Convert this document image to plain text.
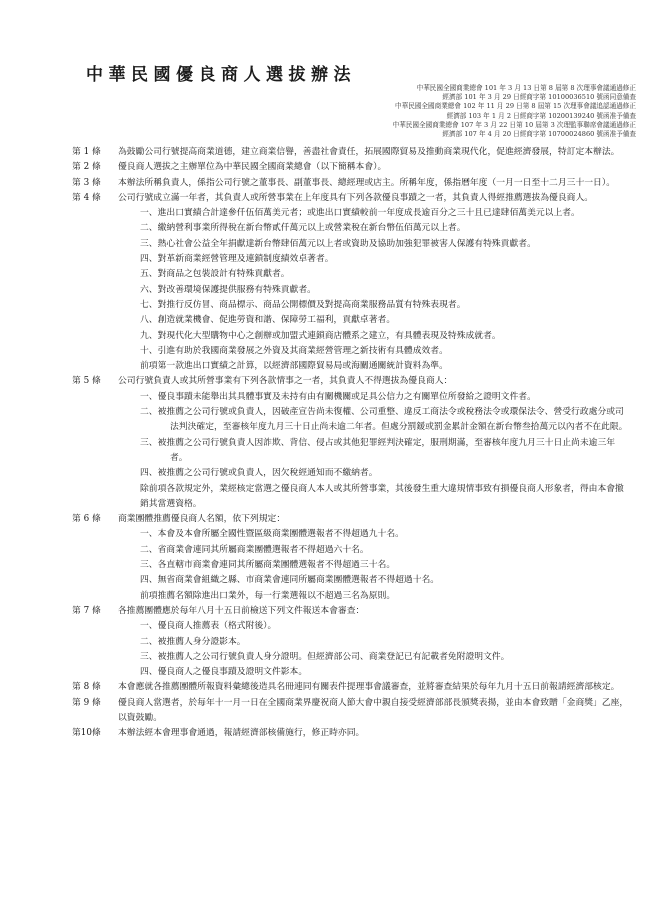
中華民國優良商人選拔辦法
中華民國全國商業總會 101 年 3 月 13 日第 8 屆第 8 次理事會議通過修正
經濟部 101 年 3 月 29 日經商字第 10100036510 號函同意備查
中華民國全國商業總會 102 年 11 月 29 日第 8 屆第 15 次理事會議追認通過修正
經濟部 103 年 1 月 2 日經商字第 10200139240 號函准予備查
中華民國全國商業總會 107 年 3 月 22 日第 10 屆第 3 次理監事聯席會議通過修正
經濟部 107 年 4 月 20 日經商字第 10700024860 號函准予備查
第 1 條	為鼓勵公司行號提高商業道德，建立商業信譽，善盡社會責任，拓展國際貿易及推動商業現代化，促進經濟發展，特訂定本辦法。
第 2 條	優良商人選拔之主辦單位為中華民國全國商業總會（以下簡稱本會）。
第 3 條	本辦法所稱負責人，係指公司行號之董事長、副董事長、總經理或店主。所稱年度，係指曆年度（一月一日至十二月三十一日）。
第 4 條	公司行號成立滿一年者，其負責人或所營事業在上年度具有下列各款優良事蹟之一者，其負責人得經推薦選拔為優良商人。
一、進出口實績合計達參仟伍佰萬美元者；或進出口實績較前一年度成長逾百分之三十且已達肆佰萬美元以上者。
二、繳納營利事業所得稅在新台幣貳仟萬元以上或營業稅在新台幣伍佰萬元以上者。
三、熱心社會公益全年捐獻達新台幣肆佰萬元以上者或資助及協助加強犯罪被害人保護有特殊貢獻者。
四、對革新商業經營管理及連鎖制度績效卓著者。
五、對商品之包裝設計有特殊貢獻者。
六、對改善環境保護提供服務有特殊貢獻者。
七、對推行反仿冒、商品標示、商品公開標價及對提高商業服務品質有特殊表現者。
八、創造就業機會、促進勞資和諧、保障勞工福利，貢獻卓著者。
九、對現代化大型購物中心之創辦或加盟式連鎖商店體系之建立，有具體表現及特殊成就者。
十、引進有助於我國商業發展之外資及其商業經營管理之新技術有具體成效者。
前項第一款進出口實績之計算，以經濟部國際貿易局或海關通關統計資料為準。
第 5 條	公司行號負責人或其所營事業有下列各款情事之一者，其負責人不得選拔為優良商人：
一、優良事蹟未能舉出其具體事實及未持有由有關機關或足具公信力之有關單位所發給之證明文件者。
二、被推薦之公司行號或負責人，因破產宣告尚未復權、公司重整、違反工商法令或稅務法令或環保法令、營受行政處分或司法判決確定，至審核年度九月三十日止尚未逾二年者。但處分罰鍰或罰金累計金額在新台幣叁拾萬元以內者不在此限。
三、被推薦之公司行號負責人因詐欺、背信、侵占或其他犯罪經判決確定，服刑期滿，至審核年度九月三十日止尚未逾三年者。
四、被推薦之公司行號或負責人，因欠稅經通知而不繳納者。
除前項各款規定外，業經核定當選之優良商人本人或其所營事業，其後發生重大違規情事致有損優良商人形象者，得由本會撤銷其當選資格。
第 6 條	商業團體推薦優良商人名額，依下列規定：
一、本會及本會所屬全國性暨區級商業團體選報者不得超過九十名。
二、省商業會連同其所屬商業團體選報者不得超過六十名。
三、各直轄市商業會連同其所屬商業團體選報者不得超過三十名。
四、無省商業會組織之縣、市商業會連同所屬商業團體選報者不得超過十名。
前項推薦名額除進出口業外，每一行業選報以不超過三名為原則。
第 7 條	各推薦團體應於每年八月十五日前檢送下列文件報送本會審查：
一、優良商人推薦表（格式附後）。
二、被推薦人身分證影本。
三、被推薦人之公司行號負責人身分證明。但經濟部公司、商業登記已有記載者免附證明文件。
四、優良商人之優良事蹟及證明文件影本。
第 8 條	本會應就各推薦團體所報資料彙總後造具名冊連同有關表件提理事會議審查，並將審查結果於每年九月十五日前報請經濟部核定。
第 9 條	優良商人當選者，於每年十一月一日在全國商業界慶祝商人節大會中親自接受經濟部部長頒獎表揚，並由本會致贈「金商獎」乙座，以資鼓勵。
第10條	本辦法經本會理事會通過，報請經濟部核備施行，修正時亦同。
